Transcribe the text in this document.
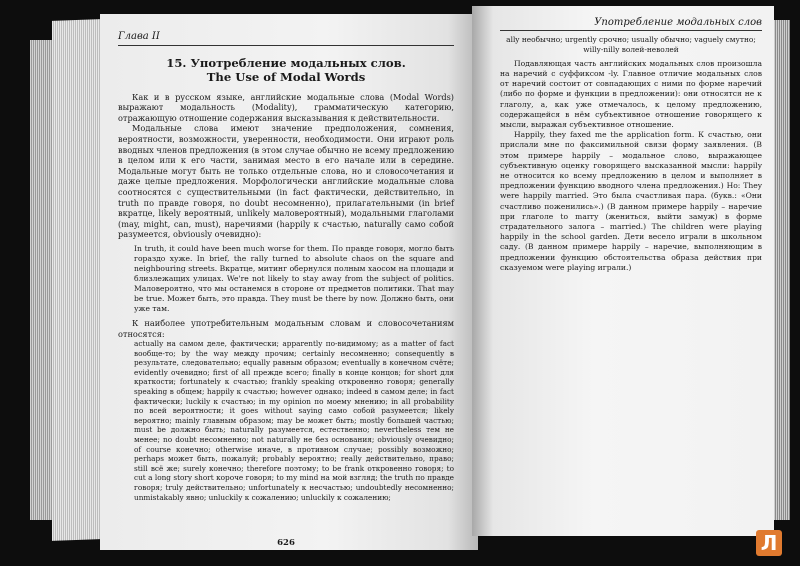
Глава II
15. Употребление модальных слов.
The Use of Modal Words

Как и в русском языке, английские модальные слова (Modal Words) выражают модальность (Modality), грамматическую категорию, отражающую отношение содержания высказывания к действительности.

Модальные слова имеют значение предположения, сомнения, вероятности, возможности, уверенности, необходимости. Они играют роль вводных членов предложения (в этом случае обычно не всему предложению в целом или к его части, занимая место в его начале или в середине. Модальные могут быть не только отдельные слова, но и словосочетания и даже целые предложения. Морфологически английские модальные слова соотносятся с существительными (in fact фактически, действительно, in truth по правде говоря, no doubt несомненно), прилагательными (in brief вкратце, likely вероятный, unlikely маловероятный), модальными глаголами (may, might, can, must), наречиями (happily к счастью, naturally само собой разумеется, obviously очевидно):

In truth, it could have been much worse for them. По правде говоря, могло быть гораздо хуже. In brief, the rally turned to absolute chaos on the square and neighbouring streets. Вкратце, митинг обернулся полным хаосом на площади и близлежащих улицах. We're not likely to stay away from the subject of politics. Маловероятно, что мы останемся в стороне от предметов политики. That may be true. Может быть, это правда. They must be there by now. Должно быть, они уже там.

К наиболее употребительным модальным словам и словосочетаниям относятся:

actually на самом деле, фактически; apparently по-видимому; as a matter of fact вообще-то; by the way между прочим; certainly несомненно; consequently в результате, следовательно; equally равным образом; eventually в конечном счёте; evidently очевидно; first of all прежде всего; finally в конце концов; for short для краткости; fortunately к счастью; frankly speaking откровенно говоря; generally speaking в общем; happily к счастью; however однако; indeed в самом деле; in fact фактически; luckily к счастью; in my opinion по моему мнению; in all probability по всей вероятности; it goes without saying само собой разумеется; likely вероятно; mainly главным образом; may be может быть; mostly большей частью; must be должно быть; naturally разумеется, естественно; nevertheless тем не менее; no doubt несомненно; not naturally не без основания; obviously очевидно; of course конечно; otherwise иначе, в противном случае; possibly возможно; perhaps может быть, пожалуй; probably вероятно; really действительно, право; still всё же; surely конечно; therefore поэтому; to be frank откровенно говоря; to cut a long story short короче говоря; to my mind на мой взгляд; the truth по правде говоря; truly действительно; unfortunately к несчастью; undoubtedly несомненно; unmistakably явно; unluckily к сожалению; unluckily к сожалению;
626
Употребление модальных слов
ally необычно; urgently срочно; usually обычно; vaguely смутно; willy-nilly волей-неволей

Подавляющая часть английских модальных слов произошла на наречий с суффиксом -ly. Главное отличие модальных слов от наречий состоит от совпадающих с ними по форме наречий (либо по форме и функции в предложении): они относятся не к глаголу, а, как уже отмечалось, к целому предложению, содержащейся в нём субъективное отношение говорящего к мысли, выражая субъективное отношение.

Happily, they faxed me the application form. К счастью, они прислали мне по факсимильной связи форму заявления. (В этом примере happily – модальное слово, выражающее субъективную оценку говорящего высказанной мысли: happily не относится ко всему предложению в целом и выполняет в предложении функцию вводного члена предложения.) Но: They were happily married. Это была счастливая пара. (букв.: «Они счастливо поженились».) (В данном примере happily – наречие при глаголе to marry (жениться, выйти замуж) в форме страдательного залога – married.) The children were playing happily in the school garden. Дети весело играли в школьном саду. (В данном примере happily – наречие, выполняющим в предложении функцию обстоятельства образа действия при сказуемом were playing играли.)

Л
